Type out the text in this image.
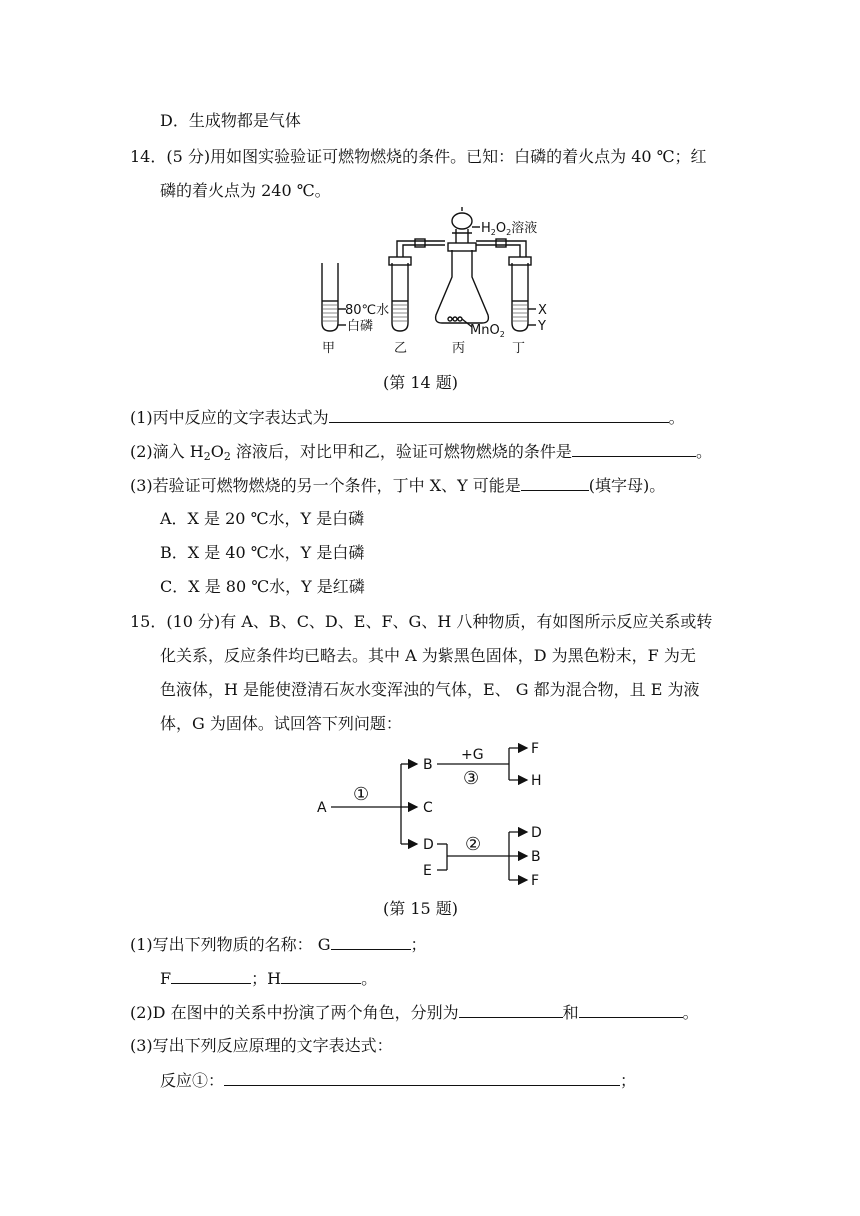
D．生成物都是气体
14．(5 分)用如图实验验证可燃物燃烧的条件。已知：白磷的着火点为 40 ℃；红
磷的着火点为 240 ℃。
$H_2O_2$溶液
80℃水
白磷	MnO$_2$
X
Y
甲	乙	丙	丁
(第 14 题)
(1)丙中反应的文字表达式为	。
(2)滴入 $H_2O_2$ 溶液后，对比甲和乙，验证可燃物燃烧的条件是	。
(3)若验证可燃物燃烧的另一个条件，丁中 X、Y 可能是	(填字母)。
A．X 是 20 ℃水，Y 是白磷
B．X 是 40 ℃水，Y 是白磷
C．X 是 80 ℃水，Y 是红磷
15．(10 分)有 A、B、C、D、E、F、G、H 八种物质，有如图所示反应关系或转
化关系，反应条件均已略去。其中 A 为紫黑色固体，D 为黑色粉末，F 为无
色液体，H 是能使澄清石灰水变浑浊的气体，E、 G 都为混合物，且 E 为液
体，G 为固体。试回答下列问题：
A
B
C
D
E
F
H
D
B
F
+G
③
①
②
(第 15 题)
(1)写出下列物质的名称： G	；
F	；H	。
(2)D 在图中的关系中扮演了两个角色，分别为	和	。
(3)写出下列反应原理的文字表达式：
反应①：	；
